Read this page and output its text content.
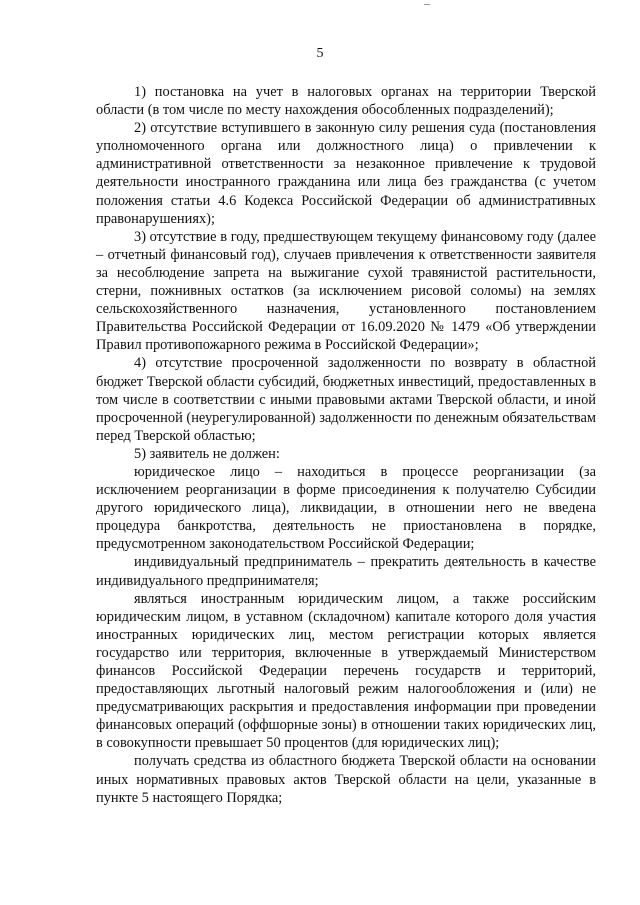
5

1) постановка на учет в налоговых органах на территории Тверской области (в том числе по месту нахождения обособленных подразделений);

2) отсутствие вступившего в законную силу решения суда (постановления уполномоченного органа или должностного лица) о привлечении к административной ответственности за незаконное привлечение к трудовой деятельности иностранного гражданина или лица без гражданства (с учетом положения статьи 4.6 Кодекса Российской Федерации об административных правонарушениях);

3) отсутствие в году, предшествующем текущему финансовому году (далее – отчетный финансовый год), случаев привлечения к ответственности заявителя за несоблюдение запрета на выжигание сухой травянистой растительности, стерни, пожнивных остатков (за исключением рисовой соломы) на землях сельскохозяйственного назначения, установленного постановлением Правительства Российской Федерации от 16.09.2020 № 1479 «Об утверждении Правил противопожарного режима в Российской Федерации»;

4) отсутствие просроченной задолженности по возврату в областной бюджет Тверской области субсидий, бюджетных инвестиций, предоставленных в том числе в соответствии с иными правовыми актами Тверской области, и иной просроченной (неурегулированной) задолженности по денежным обязательствам перед Тверской областью;

5) заявитель не должен:

юридическое лицо – находиться в процессе реорганизации (за исключением реорганизации в форме присоединения к получателю Субсидии другого юридического лица), ликвидации, в отношении него не введена процедура банкротства, деятельность не приостановлена в порядке, предусмотренном законодательством Российской Федерации;

индивидуальный предприниматель – прекратить деятельность в качестве индивидуального предпринимателя;

являться иностранным юридическим лицом, а также российским юридическим лицом, в уставном (складочном) капитале которого доля участия иностранных юридических лиц, местом регистрации которых является государство или территория, включенные в утверждаемый Министерством финансов Российской Федерации перечень государств и территорий, предоставляющих льготный налоговый режим налогообложения и (или) не предусматривающих раскрытия и предоставления информации при проведении финансовых операций (оффшорные зоны) в отношении таких юридических лиц, в совокупности превышает 50 процентов (для юридических лиц);

получать средства из областного бюджета Тверской области на основании иных нормативных правовых актов Тверской области на цели, указанные в пункте 5 настоящего Порядка;
